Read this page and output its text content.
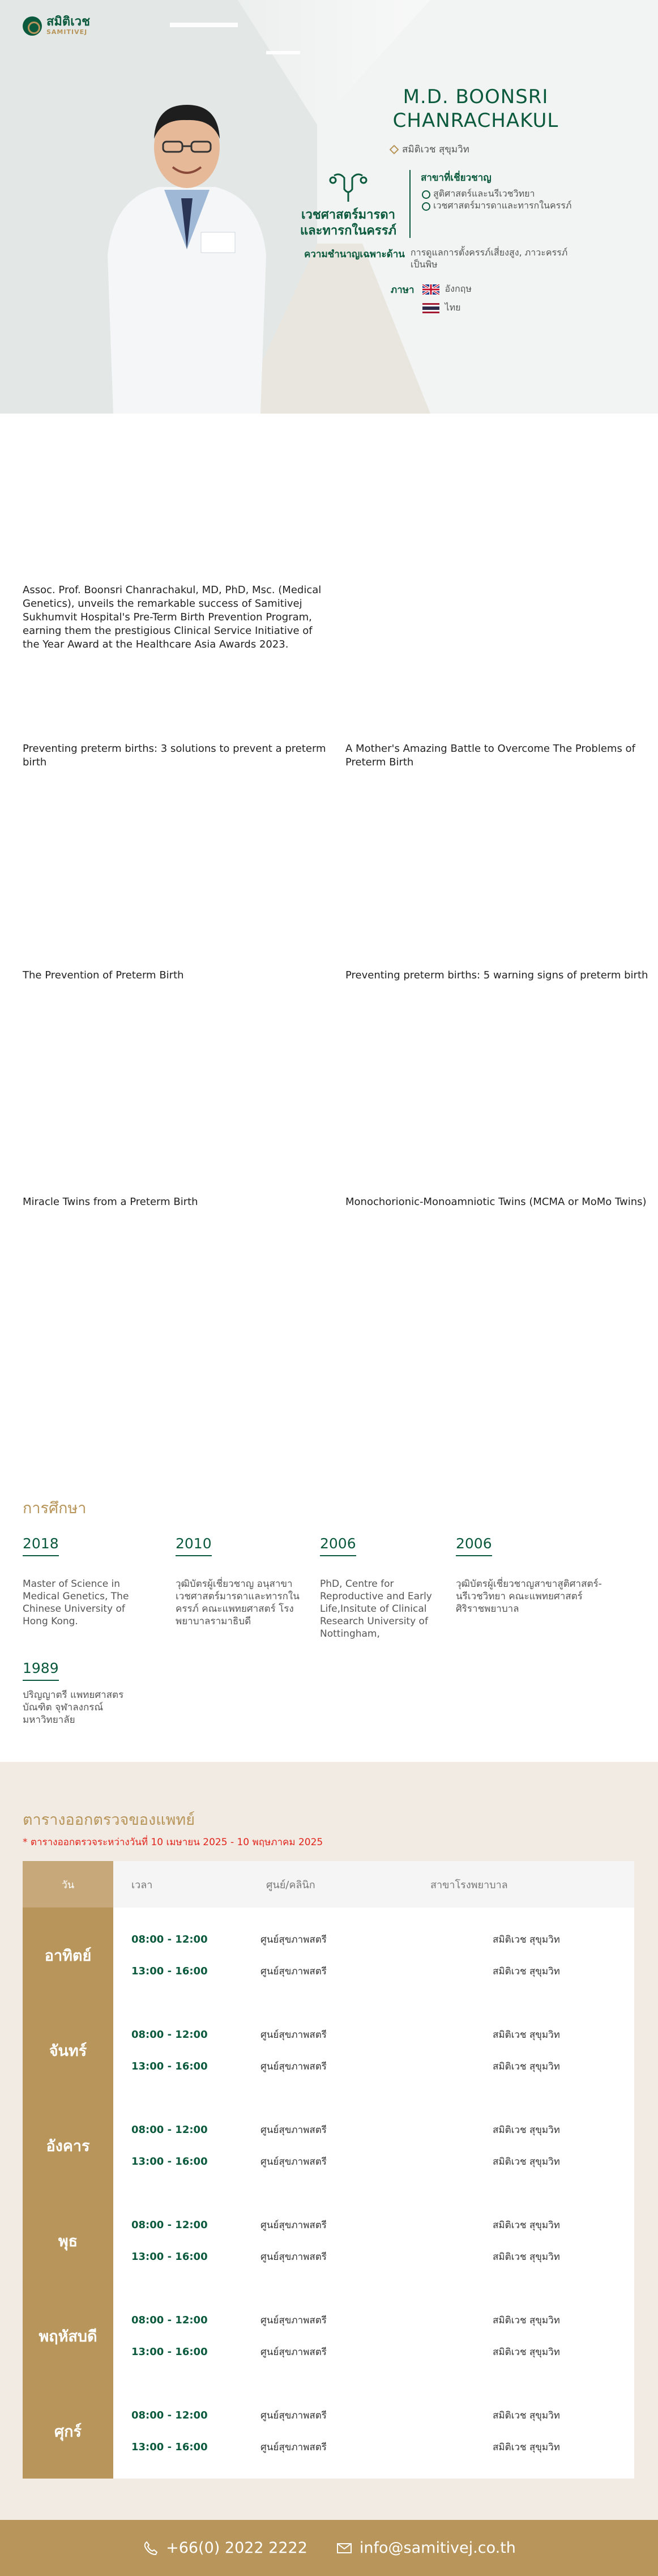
สมิติเวช
SAMITIVEJ
M.D. BOONSRI CHANRACHAKUL
สมิติเวช สุขุมวิท
เวชศาสตร์มารดาและทารกในครรภ์
สาขาที่เชี่ยวชาญ
สูติศาสตร์และนรีเวชวิทยา
เวชศาสตร์มารดาและทารกในครรภ์
ความชำนาญเฉพาะด้าน การดูแลการตั้งครรภ์เสี่ยงสูง, ภาวะครรภ์เป็นพิษ
ภาษา	อังกฤษ
ไทย
Assoc. Prof. Boonsri Chanrachakul, MD, PhD, Msc. (Medical Genetics), unveils the remarkable success of Samitivej Sukhumvit Hospital's Pre-Term Birth Prevention Program, earning them the prestigious Clinical Service Initiative of the Year Award at the Healthcare Asia Awards 2023.
Preventing preterm births: 3 solutions to prevent a preterm birth
A Mother's Amazing Battle to Overcome The Problems of Preterm Birth
The Prevention of Preterm Birth	Preventing preterm births: 5 warning signs of preterm birth
Miracle Twins from a Preterm Birth	Monochorionic-Monoamniotic Twins (MCMA or MoMo Twins)
การศึกษา
2018
Master of Science in Medical Genetics, The Chinese University of Hong Kong.
2010
วุฒิบัตรผู้เชี่ยวชาญ อนุสาขาเวชศาสตร์มารดาและทารกในครรภ์ คณะแพทยศาสตร์ โรงพยาบาลรามาธิบดี
2006
PhD, Centre for Reproductive and Early Life,Insitute of Clinical Research University of Nottingham,
2006
วุฒิบัตรผู้เชี่ยวชาญสาขาสูติศาสตร์-นรีเวชวิทยา คณะแพทยศาสตร์ศิริราชพยาบาล
1989
ปริญญาตรี แพทยศาสตรบัณฑิต จุฬาลงกรณ์มหาวิทยาลัย
ตารางออกตรวจของแพทย์
* ตารางออกตรวจระหว่างวันที่ 10 เมษายน 2025 - 10 พฤษภาคม 2025
วัน	เวลา	ศูนย์/คลินิก	สาขาโรงพยาบาล
อาทิตย์
08:00 - 12:00	ศูนย์สุขภาพสตรี	สมิติเวช สุขุมวิท
13:00 - 16:00	ศูนย์สุขภาพสตรี	สมิติเวช สุขุมวิท
จันทร์
08:00 - 12:00	ศูนย์สุขภาพสตรี	สมิติเวช สุขุมวิท
13:00 - 16:00	ศูนย์สุขภาพสตรี	สมิติเวช สุขุมวิท
อังคาร
08:00 - 12:00	ศูนย์สุขภาพสตรี	สมิติเวช สุขุมวิท
13:00 - 16:00	ศูนย์สุขภาพสตรี	สมิติเวช สุขุมวิท
พุธ
08:00 - 12:00	ศูนย์สุขภาพสตรี	สมิติเวช สุขุมวิท
13:00 - 16:00	ศูนย์สุขภาพสตรี	สมิติเวช สุขุมวิท
พฤหัสบดี
08:00 - 12:00	ศูนย์สุขภาพสตรี	สมิติเวช สุขุมวิท
13:00 - 16:00	ศูนย์สุขภาพสตรี	สมิติเวช สุขุมวิท
ศุกร์
08:00 - 12:00	ศูนย์สุขภาพสตรี	สมิติเวช สุขุมวิท
13:00 - 16:00	ศูนย์สุขภาพสตรี	สมิติเวช สุขุมวิท
+66(0) 2022 2222	info@samitivej.co.th
